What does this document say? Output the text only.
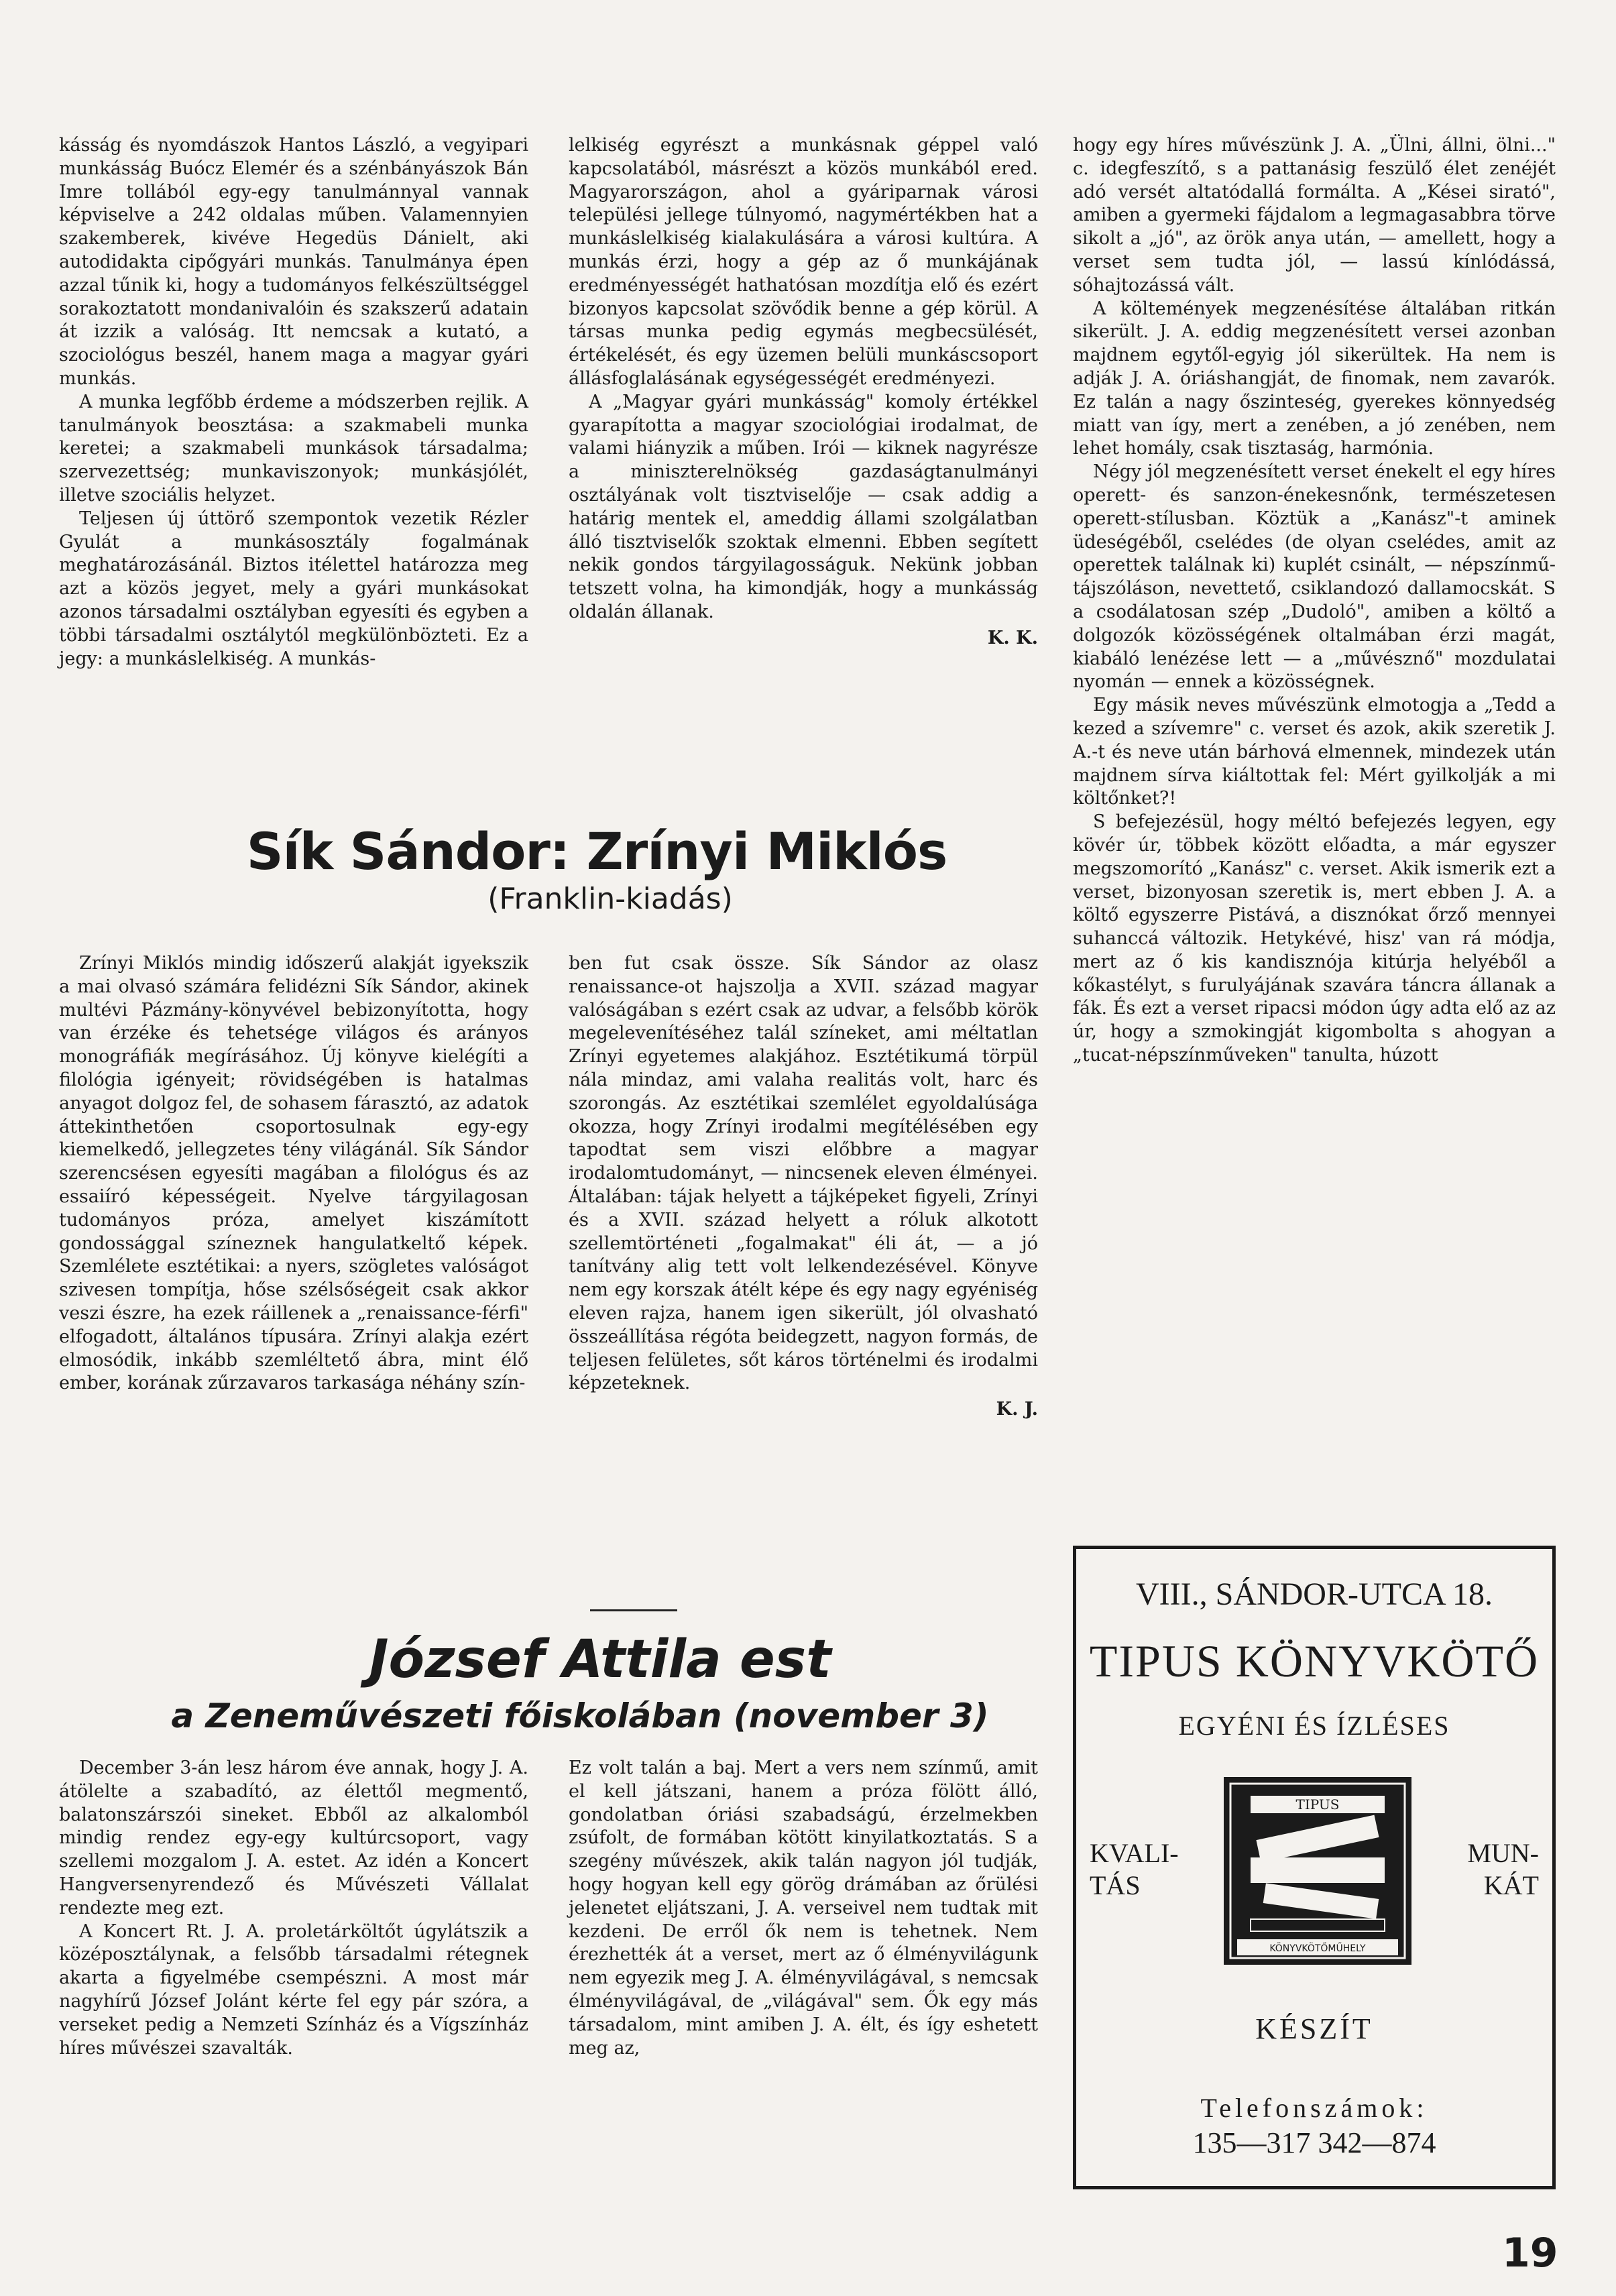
kásság és nyomdászok Hantos László, a vegyipari munkásság Buócz Elemér és a szénbányászok Bán Imre tollából egy-egy tanulmánnyal vannak képviselve a 242 oldalas műben. Valamennyien szakemberek, kivéve Hegedüs Dánielt, aki autodidakta cipőgyári munkás. Tanulmánya épen azzal tűnik ki, hogy a tudományos felkészültséggel sorakoztatott mondanivalóin és szakszerű adatain át izzik a valóság. Itt nemcsak a kutató, a szociológus beszél, hanem maga a magyar gyári munkás.

A munka legfőbb érdeme a módszerben rejlik. A tanulmányok beosztása: a szakmabeli munka keretei; a szakmabeli munkások társadalma; szervezettség; munkaviszonyok; munkásjólét, illetve szociális helyzet.

Teljesen új úttörő szempontok vezetik Rézler Gyulát a munkásosztály fogalmának meghatározásánál. Biztos itélettel határozza meg azt a közös jegyet, mely a gyári munkásokat azonos társadalmi osztályban egyesíti és egyben a többi társadalmi osztálytól megkülönbözteti. Ez a jegy: a munkáslelkiség. A munkás-

lelkiség egyrészt a munkásnak géppel való kapcsolatából, másrészt a közös munkából ered. Magyarországon, ahol a gyáriparnak városi települési jellege túlnyomó, nagymértékben hat a munkáslelkiség kialakulására a városi kultúra. A munkás érzi, hogy a gép az ő munkájának eredményességét hathatósan mozdítja elő és ezért bizonyos kapcsolat szövődik benne a gép körül. A társas munka pedig egymás megbecsülését, értékelését, és egy üzemen belüli munkáscsoport állásfoglalásának egységességét eredményezi.

A „Magyar gyári munkásság" komoly értékkel gyarapította a magyar szociológiai irodalmat, de valami hiányzik a műben. Irói — kiknek nagyrésze a miniszterelnökség gazdaságtanulmányi osztályának volt tisztviselője — csak addig a határig mentek el, ameddig állami szolgálatban álló tisztviselők szoktak elmenni. Ebben segített nekik gondos tárgyilagosságuk. Nekünk jobban tetszett volna, ha kimondják, hogy a munkásság oldalán állanak.

K. K.
Sík Sándor: Zrínyi Miklós
(Franklin-kiadás)

Zrínyi Miklós mindig időszerű alakját igyekszik a mai olvasó számára felidézni Sík Sándor, akinek multévi Pázmány-könyvével bebizonyította, hogy van érzéke és tehetsége világos és arányos monográfiák megírásához. Új könyve kielégíti a filológia igényeit; rövidségében is hatalmas anyagot dolgoz fel, de sohasem fárasztó, az adatok áttekinthetően csoportosulnak egy-egy kiemelkedő, jellegzetes tény világánál. Sík Sándor szerencsésen egyesíti magában a filológus és az essaiíró képességeit. Nyelve tárgyilagosan tudományos próza, amelyet kiszámított gondossággal színeznek hangulatkeltő képek. Szemlélete esztétikai: a nyers, szögletes valóságot szivesen tompítja, hőse szélsőségeit csak akkor veszi észre, ha ezek ráillenek a „renaissance-férfi" elfogadott, általános típusára. Zrínyi alakja ezért elmosódik, inkább szemléltető ábra, mint élő ember, korának zűrzavaros tarkasága néhány szín-

ben fut csak össze. Sík Sándor az olasz renaissance-ot hajszolja a XVII. század magyar valóságában s ezért csak az udvar, a felsőbb körök megelevenítéséhez talál színeket, ami méltatlan Zrínyi egyetemes alakjához. Esztétikumá törpül nála mindaz, ami valaha realitás volt, harc és szorongás. Az esztétikai szemlélet egyoldalúsága okozza, hogy Zrínyi irodalmi megítélésében egy tapodtat sem viszi előbbre a magyar irodalomtudományt, — nincsenek eleven élményei. Általában: tájak helyett a tájképeket figyeli, Zrínyi és a XVII. század helyett a róluk alkotott szellemtörténeti „fogalmakat" éli át, — a jó tanítvány alig tett volt lelkendezésével. Könyve nem egy korszak átélt képe és egy nagy egyéniség eleven rajza, hanem igen sikerült, jól olvasható összeállítása régóta beidegzett, nagyon formás, de teljesen felületes, sőt káros történelmi és irodalmi képzeteknek.

K. J.
József Attila est
a Zeneművészeti főiskolában (november 3)

December 3-án lesz három éve annak, hogy J. A. átölelte a szabadító, az élettől megmentő, balatonszárszói sineket. Ebből az alkalomból mindig rendez egy-egy kultúrcsoport, vagy szellemi mozgalom J. A. estet. Az idén a Koncert Hangversenyrendező és Művészeti Vállalat rendezte meg ezt.

A Koncert Rt. J. A. proletárköltőt úgylátszik a középosztálynak, a felsőbb társadalmi rétegnek akarta a figyelmébe csempészni. A most már nagyhírű József Jolánt kérte fel egy pár szóra, a verseket pedig a Nemzeti Színház és a Vígszínház híres művészei szavalták.

Ez volt talán a baj. Mert a vers nem színmű, amit el kell játszani, hanem a próza fölött álló, gondolatban óriási szabadságú, érzelmekben zsúfolt, de formában kötött kinyilatkoztatás. S a szegény művészek, akik talán nagyon jól tudják, hogy hogyan kell egy görög drámában az őrülési jelenetet eljátszani, J. A. verseivel nem tudtak mit kezdeni. De erről ők nem is tehetnek. Nem érezhették át a verset, mert az ő élményvilágunk nem egyezik meg J. A. élményvilágával, s nemcsak élményvilágával, de „világával" sem. Ők egy más társadalom, mint amiben J. A. élt, és így eshetett meg az,

hogy egy híres művészünk J. A. „Ülni, állni, ölni..." c. idegfeszítő, s a pattanásig feszülő élet zenéjét adó versét altatódallá formálta. A „Kései sirató", amiben a gyermeki fájdalom a legmagasabbra törve sikolt a „jó", az örök anya után, — amellett, hogy a verset sem tudta jól, — lassú kínlódássá, sóhajtozássá vált.

A költemények megzenésítése általában ritkán sikerült. J. A. eddig megzenésített versei azonban majdnem egytől-egyig jól sikerültek. Ha nem is adják J. A. óriáshangját, de finomak, nem zavarók. Ez talán a nagy őszinteség, gyerekes könnyedség miatt van így, mert a zenében, a jó zenében, nem lehet homály, csak tisztaság, harmónia.

Négy jól megzenésített verset énekelt el egy híres operett- és sanzon-énekesnőnk, természetesen operett-stílusban. Köztük a „Kanász"-t aminek üdeségéből, cselédes (de olyan cselédes, amit az operettek találnak ki) kuplét csinált, — népszínmű-tájszóláson, nevettető, csiklandozó dallamocskát. S a csodálatosan szép „Dudoló", amiben a költő a dolgozók közösségének oltalmában érzi magát, kiabáló lenézése lett — a „művésznő" mozdulatai nyomán — ennek a közösségnek.

Egy másik neves művészünk elmotogja a „Tedd a kezed a szívemre" c. verset és azok, akik szeretik J. A.-t és neve után bárhová elmennek, mindezek után majdnem sírva kiáltottak fel: Mért gyilkolják a mi költőnket?!

S befejezésül, hogy méltó befejezés legyen, egy kövér úr, többek között előadta, a már egyszer megszomorító „Kanász" c. verset. Akik ismerik ezt a verset, bizonyosan szeretik is, mert ebben J. A. a költő egyszerre Pistává, a disznókat őrző mennyei suhanccá változik. Hetykévé, hisz' van rá módja, mert az ő kis kandisznója kitúrja helyéből a kőkastélyt, s furulyájának szavára táncra állanak a fák. És ezt a verset ripacsi módon úgy adta elő az az úr, hogy a szmokingját kigombolta s ahogyan a „tucat-népszínműveken" tanulta, húzott

VIII., SÁNDOR-UTCA 18.
TIPUS KÖNYVKÖTŐ
EGYÉNI ÉS ÍZLÉSES
KVALI-
TÁS
MUN-
KÁT
TIPUS
KÖNYVKÖTŐMŰHELY
KÉSZÍT
Telefonszámok:
135—317 342—874
19
